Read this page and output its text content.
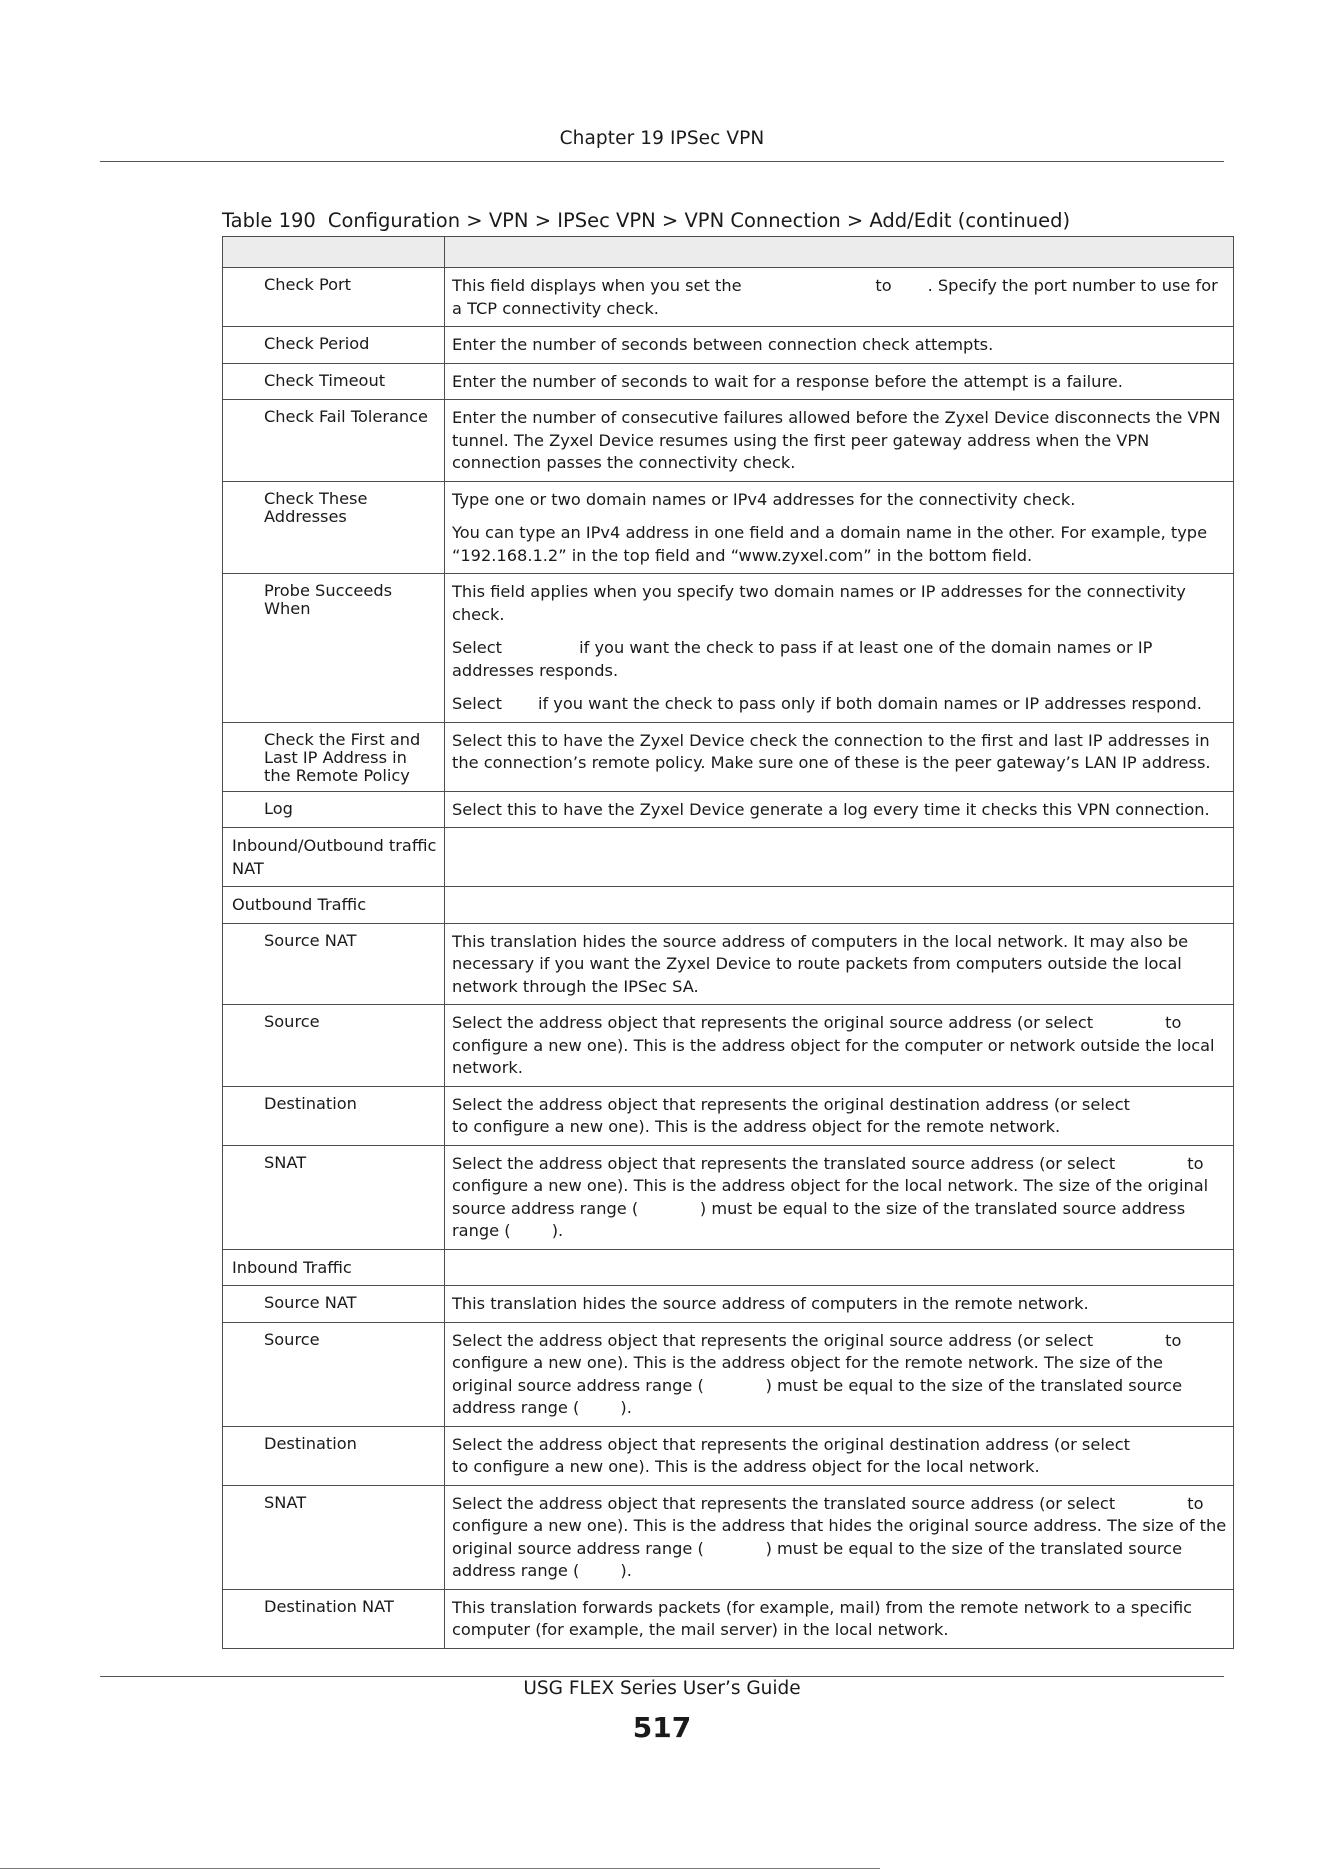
Chapter 19 IPSec VPN
Table 190 Configuration > VPN > IPSec VPN > VPN Connection > Add/Edit (continued)

Check Port	This field displays when you set the                          to       . Specify the port number to use for a TCP connectivity check.

Check Period	Enter the number of seconds between connection check attempts.

Check Timeout	Enter the number of seconds to wait for a response before the attempt is a failure.

Check Fail Tolerance	Enter the number of consecutive failures allowed before the Zyxel Device disconnects the VPN tunnel. The Zyxel Device resumes using the first peer gateway address when the VPN connection passes the connectivity check.

Check These Addresses	Type one or two domain names or IPv4 addresses for the connectivity check.

You can type an IPv4 address in one field and a domain name in the other. For example, type “192.168.1.2” in the top field and “www.zyxel.com” in the bottom field.

Probe Succeeds When	This field applies when you specify two domain names or IP addresses for the connectivity check.

Select               if you want the check to pass if at least one of the domain names or IP addresses responds.

Select       if you want the check to pass only if both domain names or IP addresses respond.

Check the First and Last IP Address in the Remote Policy	Select this to have the Zyxel Device check the connection to the first and last IP addresses in the connection’s remote policy. Make sure one of these is the peer gateway’s LAN IP address.

Log	Select this to have the Zyxel Device generate a log every time it checks this VPN connection.

Inbound/Outbound traffic NAT	

Outbound Traffic	

Source NAT	This translation hides the source address of computers in the local network. It may also be necessary if you want the Zyxel Device to route packets from computers outside the local network through the IPSec SA.

Source	Select the address object that represents the original source address (or select              to configure a new one). This is the address object for the computer or network outside the local network.

Destination	Select the address object that represents the original destination address (or select                          to configure a new one). This is the address object for the remote network.

SNAT	Select the address object that represents the translated source address (or select              to configure a new one). This is the address object for the local network. The size of the original source address range (            ) must be equal to the size of the translated source address range (        ).

Inbound Traffic	

Source NAT	This translation hides the source address of computers in the remote network.

Source	Select the address object that represents the original source address (or select              to configure a new one). This is the address object for the remote network. The size of the original source address range (            ) must be equal to the size of the translated source address range (        ).

Destination	Select the address object that represents the original destination address (or select                          to configure a new one). This is the address object for the local network.

SNAT	Select the address object that represents the translated source address (or select              to configure a new one). This is the address that hides the original source address. The size of the original source address range (            ) must be equal to the size of the translated source address range (        ).

Destination NAT	This translation forwards packets (for example, mail) from the remote network to a specific computer (for example, the mail server) in the local network.

USG FLEX Series User’s Guide
517
